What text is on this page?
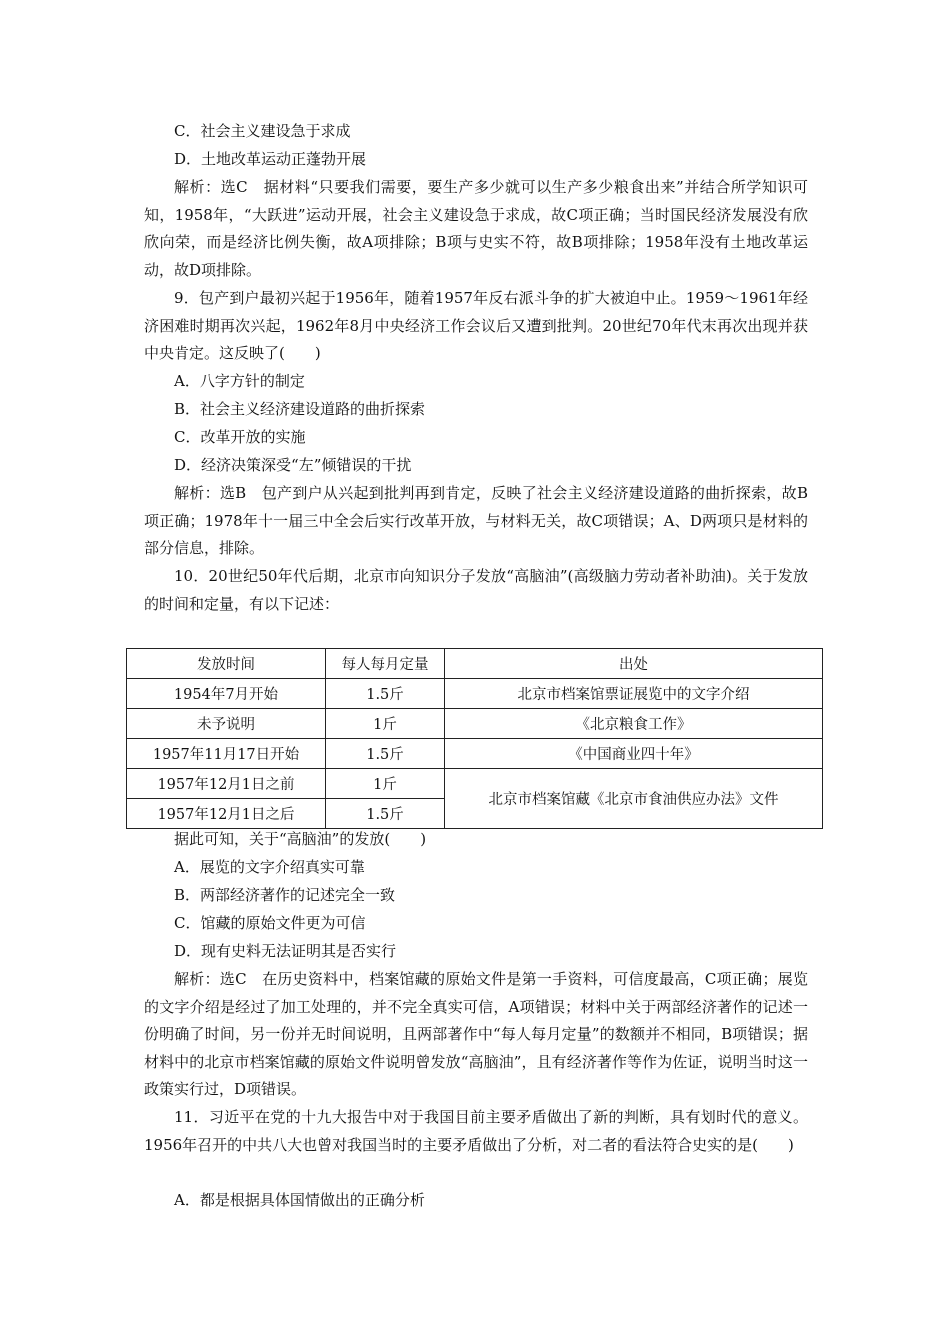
C．社会主义建设急于求成

D．土地改革运动正蓬勃开展

解析：选C　据材料“只要我们需要，要生产多少就可以生产多少粮食出来”并结合所学知识可知，1958年，“大跃进”运动开展，社会主义建设急于求成，故C项正确；当时国民经济发展没有欣欣向荣，而是经济比例失衡，故A项排除；B项与史实不符，故B项排除；1958年没有土地改革运动，故D项排除。

9．包产到户最初兴起于1956年，随着1957年反右派斗争的扩大被迫中止。1959～1961年经济困难时期再次兴起，1962年8月中央经济工作会议后又遭到批判。20世纪70年代末再次出现并获中央肯定。这反映了(　　)

A．八字方针的制定

B．社会主义经济建设道路的曲折探索

C．改革开放的实施

D．经济决策深受“左”倾错误的干扰

解析：选B　包产到户从兴起到批判再到肯定，反映了社会主义经济建设道路的曲折探索，故B项正确；1978年十一届三中全会后实行改革开放，与材料无关，故C项错误；A、D两项只是材料的部分信息，排除。

10．20世纪50年代后期，北京市向知识分子发放“高脑油”(高级脑力劳动者补助油)。关于发放的时间和定量，有以下记述：

发放时间	每人每月定量	出处
1954年7月开始	1.5斤	北京市档案馆票证展览中的文字介绍
未予说明	1斤	《北京粮食工作》
1957年11月17日开始	1.5斤	《中国商业四十年》
1957年12月1日之前	1斤	北京市档案馆藏《北京市食油供应办法》文件
1957年12月1日之后	1.5斤	

据此可知，关于“高脑油”的发放(　　)

A．展览的文字介绍真实可靠

B．两部经济著作的记述完全一致

C．馆藏的原始文件更为可信

D．现有史料无法证明其是否实行

解析：选C　在历史资料中，档案馆藏的原始文件是第一手资料，可信度最高，C项正确；展览的文字介绍是经过了加工处理的，并不完全真实可信，A项错误；材料中关于两部经济著作的记述一份明确了时间，另一份并无时间说明，且两部著作中“每人每月定量”的数额并不相同，B项错误；据材料中的北京市档案馆藏的原始文件说明曾发放“高脑油”，且有经济著作等作为佐证，说明当时这一政策实行过，D项错误。

11．习近平在党的十九大报告中对于我国目前主要矛盾做出了新的判断，具有划时代的意义。1956年召开的中共八大也曾对我国当时的主要矛盾做出了分析，对二者的看法符合史实的是(　　)

A．都是根据具体国情做出的正确分析
